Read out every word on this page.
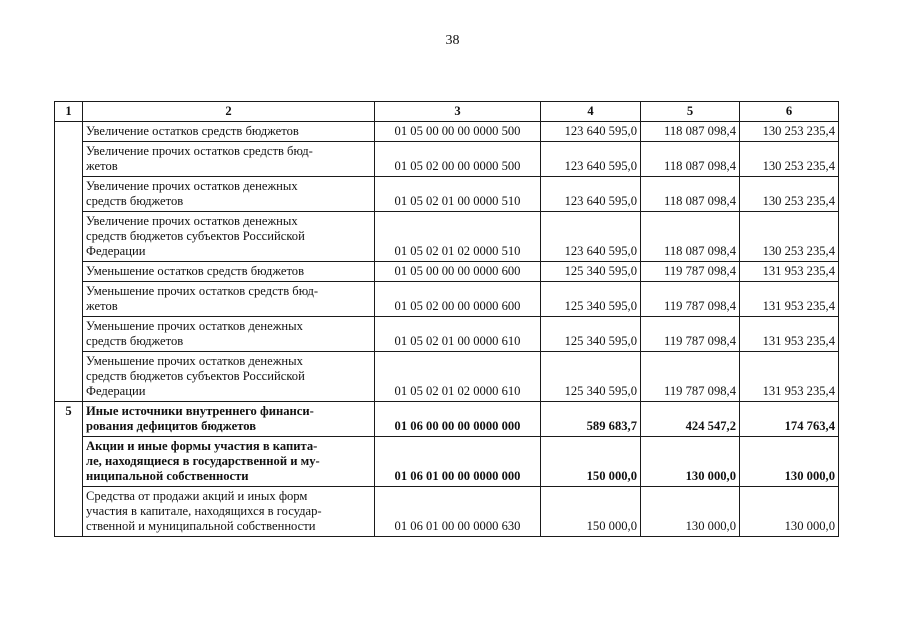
38
1	2	3	4	5	6
	Увеличение остатков средств бюджетов	01 05 00 00 00 0000 500	123 640 595,0	118 087 098,4	130 253 235,4
	Увеличение прочих остатков средств бюд-
жетов	01 05 02 00 00 0000 500	123 640 595,0	118 087 098,4	130 253 235,4
	Увеличение прочих остатков денежных
средств бюджетов	01 05 02 01 00 0000 510	123 640 595,0	118 087 098,4	130 253 235,4
	Увеличение прочих остатков денежных
средств бюджетов субъектов Российской
Федерации	01 05 02 01 02 0000 510	123 640 595,0	118 087 098,4	130 253 235,4
	Уменьшение остатков средств бюджетов	01 05 00 00 00 0000 600	125 340 595,0	119 787 098,4	131 953 235,4
	Уменьшение прочих остатков средств бюд-
жетов	01 05 02 00 00 0000 600	125 340 595,0	119 787 098,4	131 953 235,4
	Уменьшение прочих остатков денежных
средств бюджетов	01 05 02 01 00 0000 610	125 340 595,0	119 787 098,4	131 953 235,4
	Уменьшение прочих остатков денежных
средств бюджетов субъектов Российской
Федерации	01 05 02 01 02 0000 610	125 340 595,0	119 787 098,4	131 953 235,4
5	Иные источники внутреннего финанси-
рования дефицитов бюджетов	01 06 00 00 00 0000 000	589 683,7	424 547,2	174 763,4
	Акции и иные формы участия в капита-
ле, находящиеся в государственной и му-
ниципальной собственности	01 06 01 00 00 0000 000	150 000,0	130 000,0	130 000,0
	Средства от продажи акций и иных форм
участия в капитале, находящихся в государ-
ственной и муниципальной собственности	01 06 01 00 00 0000 630	150 000,0	130 000,0	130 000,0
